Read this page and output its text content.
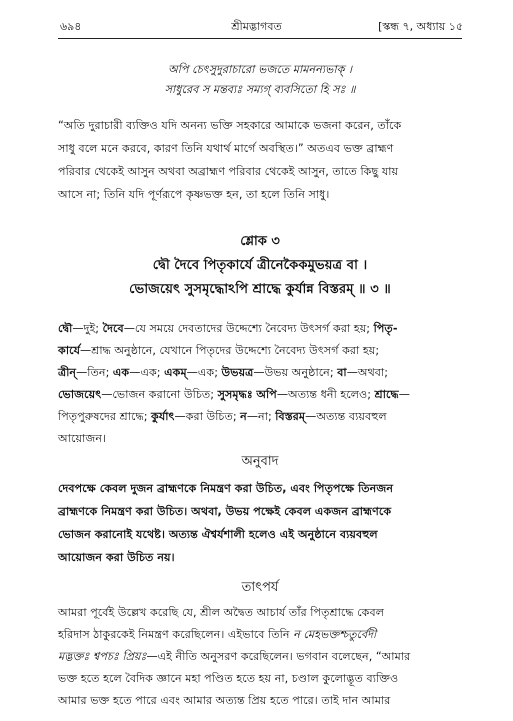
৬৯৪	শ্রীমদ্ভাগবত	[স্কন্ধ ৭, অধ্যায় ১৫
অপি চেৎসুদুরাচারো ভজতে মামনন্যভাক্ ।
সাধুরেব স মন্তব্যঃ সম্যগ্ ব্যবসিতো হি সঃ ॥
“অতি দুরাচারী ব্যক্তিও যদি অনন্য ভক্তি সহকারে আমাকে ভজনা করেন, তাঁকে
সাধু বলে মনে করবে, কারণ তিনি যথার্থ মার্গে অবস্থিত।” অতএব ভক্ত ব্রাহ্মণ
পরিবার থেকেই আসুন অথবা অব্রাহ্মণ পরিবার থেকেই আসুন, তাতে কিছু যায়
আসে না; তিনি যদি পূর্ণরূপে কৃষ্ণভক্ত হন, তা হলে তিনি সাধু।
শ্লোক ৩
দ্বৌ দৈবে পিতৃকার্যে ত্রীনেকৈকমুভয়ত্র বা ।
ভোজয়েৎ সুসমৃদ্ধোঽপি শ্রাদ্ধে কুর্যান্ন বিস্তরম্ ॥ ৩ ॥
দ্বৌ—দুই; দৈবে—যে সময়ে দেবতাদের উদ্দেশ্যে নৈবেদ্য উৎসর্গ করা হয়; পিতৃ-
কার্যে—শ্রাদ্ধ অনুষ্ঠানে, যেখানে পিতৃদের উদ্দেশ্যে নৈবেদ্য উৎসর্গ করা হয়;
ত্রীন্—তিন; এক—এক; একম্—এক; উভয়ত্র—উভয় অনুষ্ঠানে; বা—অথবা;
ভোজয়েৎ—ভোজন করানো উচিত; সুসমৃদ্ধঃ অপি—অত্যন্ত ধনী হলেও; শ্রাদ্ধে—
পিতৃপুরুষদের শ্রাদ্ধে; কুর্যাৎ—করা উচিত; ন—না; বিস্তরম্—অত্যন্ত ব্যয়বহুল
আয়োজন।
অনুবাদ
দেবপক্ষে কেবল দুজন ব্রাহ্মণকে নিমন্ত্রণ করা উচিত, এবং পিতৃপক্ষে তিনজন
ব্রাহ্মণকে নিমন্ত্রণ করা উচিত। অথবা, উভয় পক্ষেই কেবল একজন ব্রাহ্মণকে
ভোজন করানোই যথেষ্ট। অত্যন্ত ঐশ্বর্যশালী হলেও এই অনুষ্ঠানে ব্যয়বহুল
আয়োজন করা উচিত নয়।
তাৎপর্য
আমরা পূর্বেই উল্লেখ করেছি যে, শ্রীল অদ্বৈত আচার্য তাঁর পিতৃশ্রাদ্ধে কেবল
হরিদাস ঠাকুরকেই নিমন্ত্রণ করেছিলেন। এইভাবে তিনি ন মেহভক্তশ্চতুর্বেদী
মদ্ভক্তঃ শ্বপচঃ প্রিয়ঃ—এই নীতি অনুসরণ করেছিলেন। ভগবান বলেছেন, “আমার
ভক্ত হতে হলে বৈদিক জ্ঞানে মহা পণ্ডিত হতে হয় না, চণ্ডাল কুলোদ্ভূত ব্যক্তিও
আমার ভক্ত হতে পারে এবং আমার অত্যন্ত প্রিয় হতে পারে। তাই দান আমার
